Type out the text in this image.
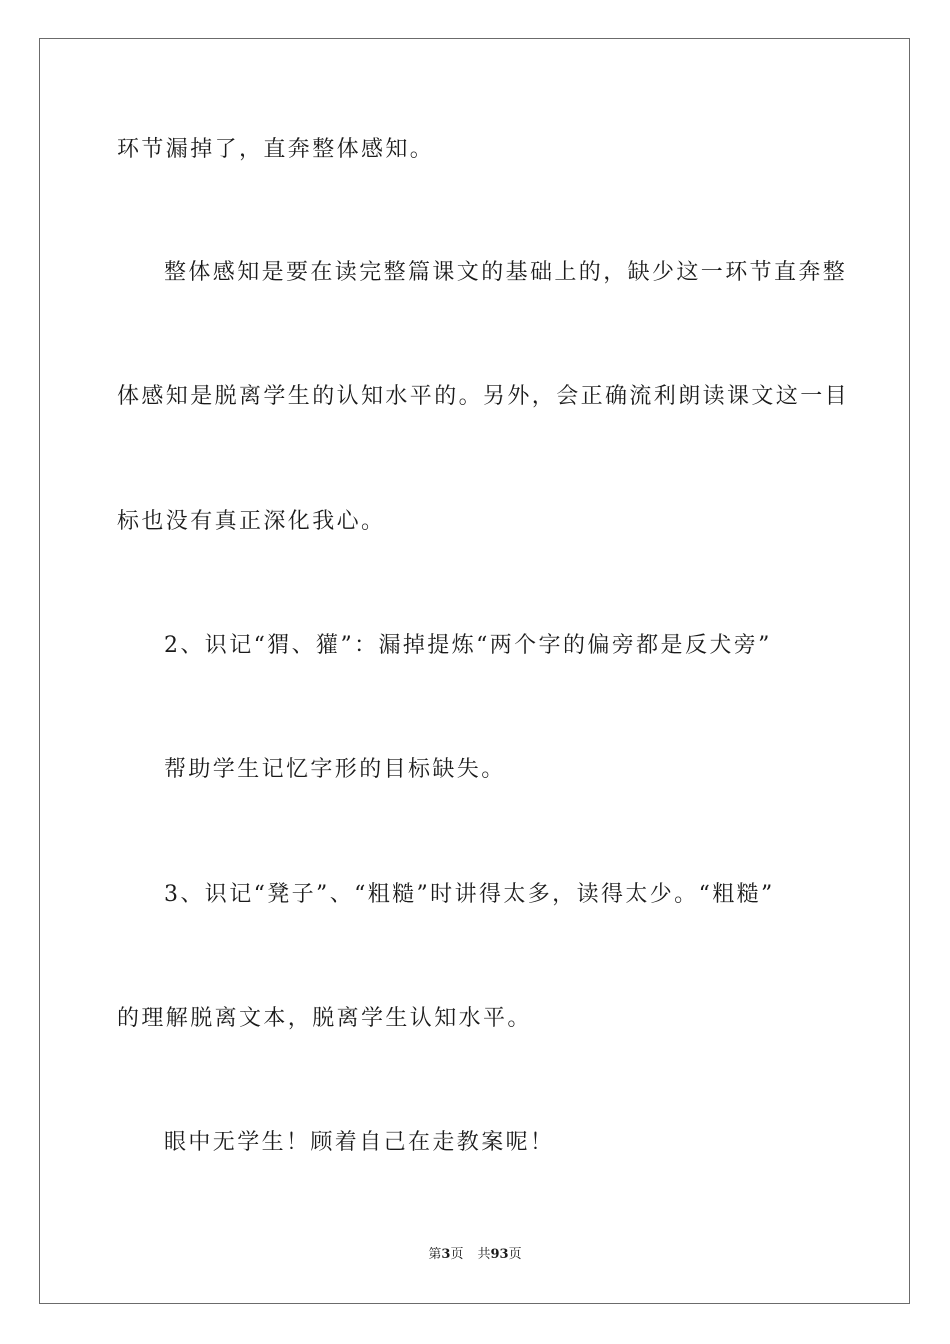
环节漏掉了，直奔整体感知。
整体感知是要在读完整篇课文的基础上的，缺少这一环节直奔整
体感知是脱离学生的认知水平的。另外，会正确流利朗读课文这一目
标也没有真正深化我心。
2、识记“猬、獾”：漏掉提炼“两个字的偏旁都是反犬旁”
帮助学生记忆字形的目标缺失。
3、识记“凳子”、“粗糙”时讲得太多，读得太少。“粗糙”
的理解脱离文本，脱离学生认知水平。
眼中无学生！顾着自己在走教案呢！
第3页 共93页
